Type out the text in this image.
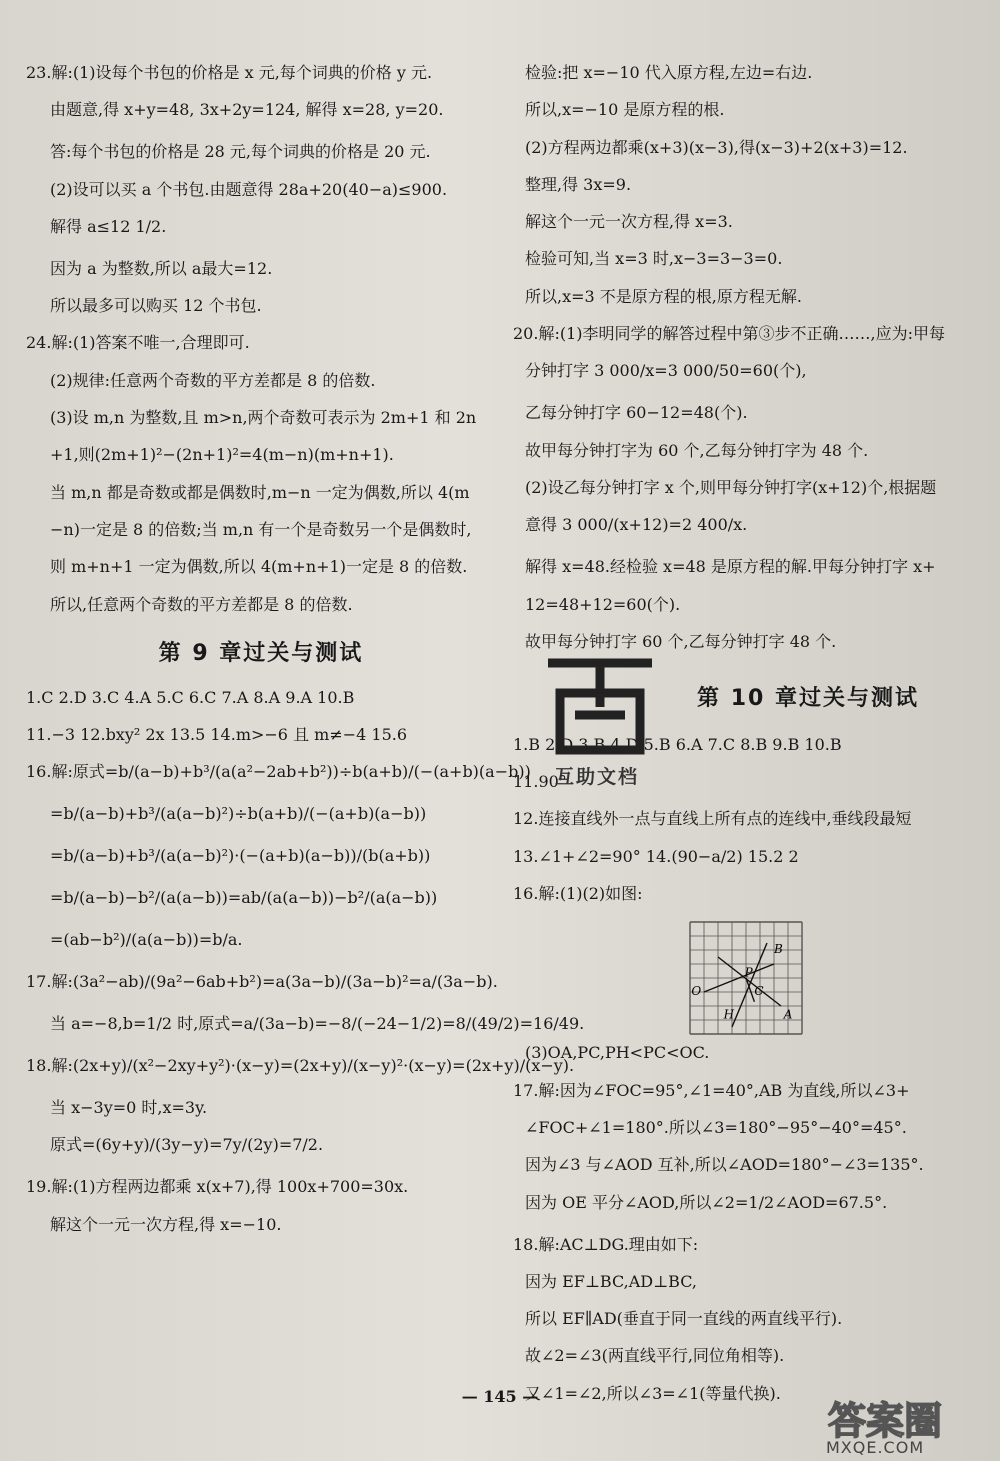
23.解:(1)设每个书包的价格是 x 元,每个词典的价格 y 元.
由题意,得 x+y=48, 3x+2y=124, 解得 x=28, y=20.
答:每个书包的价格是 28 元,每个词典的价格是 20 元.
(2)设可以买 a 个书包.由题意得 28a+20(40−a)≤900.
解得 a≤12 1/2.
因为 a 为整数,所以 a最大=12.
所以最多可以购买 12 个书包.
24.解:(1)答案不唯一,合理即可.
(2)规律:任意两个奇数的平方差都是 8 的倍数.
(3)设 m,n 为整数,且 m>n,两个奇数可表示为 2m+1 和 2n
+1,则(2m+1)²−(2n+1)²=4(m−n)(m+n+1).
当 m,n 都是奇数或都是偶数时,m−n 一定为偶数,所以 4(m
−n)一定是 8 的倍数;当 m,n 有一个是奇数另一个是偶数时,
则 m+n+1 一定为偶数,所以 4(m+n+1)一定是 8 的倍数.
所以,任意两个奇数的平方差都是 8 的倍数.
第 9 章过关与测试
1.C 2.D 3.C 4.A 5.C 6.C 7.A 8.A 9.A 10.B
11.−3 12.bxy² 2x 13.5 14.m>−6 且 m≠−4 15.6
16.解:原式=b/(a−b)+b³/(a(a²−2ab+b²))÷b(a+b)/(−(a+b)(a−b))
=b/(a−b)+b³/(a(a−b)²)÷b(a+b)/(−(a+b)(a−b))
=b/(a−b)+b³/(a(a−b)²)·(−(a+b)(a−b))/(b(a+b))
=b/(a−b)−b²/(a(a−b))=ab/(a(a−b))−b²/(a(a−b))
=(ab−b²)/(a(a−b))=b/a.
17.解:(3a²−ab)/(9a²−6ab+b²)=a(3a−b)/(3a−b)²=a/(3a−b).
当 a=−8,b=1/2 时,原式=a/(3a−b)=−8/(−24−1/2)=8/(49/2)=16/49.
18.解:(2x+y)/(x²−2xy+y²)·(x−y)=(2x+y)/(x−y)²·(x−y)=(2x+y)/(x−y).
当 x−3y=0 时,x=3y.
原式=(6y+y)/(3y−y)=7y/(2y)=7/2.
19.解:(1)方程两边都乘 x(x+7),得 100x+700=30x.
解这个一元一次方程,得 x=−10.
检验:把 x=−10 代入原方程,左边=右边.
所以,x=−10 是原方程的根.
(2)方程两边都乘(x+3)(x−3),得(x−3)+2(x+3)=12.
整理,得 3x=9.
解这个一元一次方程,得 x=3.
检验可知,当 x=3 时,x−3=3−3=0.
所以,x=3 不是原方程的根,原方程无解.
20.解:(1)李明同学的解答过程中第③步不正确……,应为:甲每
分钟打字 3 000/x=3 000/50=60(个),
乙每分钟打字 60−12=48(个).
故甲每分钟打字为 60 个,乙每分钟打字为 48 个.
(2)设乙每分钟打字 x 个,则甲每分钟打字(x+12)个,根据题
意得 3 000/(x+12)=2 400/x.
解得 x=48.经检验 x=48 是原方程的解.甲每分钟打字 x+
12=48+12=60(个).
故甲每分钟打字 60 个,乙每分钟打字 48 个.
第 10 章过关与测试
1.B 2.D 3.B 4.D 5.B 6.A 7.C 8.B 9.B 10.B
11.90°
12.连接直线外一点与直线上所有点的连线中,垂线段最短
13.∠1+∠2=90° 14.(90−a/2) 15.2 2
16.解:(1)(2)如图:
B
P
O	C
H	A
(3)OA,PC,PH<PC<OC.
17.解:因为∠FOC=95°,∠1=40°,AB 为直线,所以∠3+
∠FOC+∠1=180°.所以∠3=180°−95°−40°=45°.
因为∠3 与∠AOD 互补,所以∠AOD=180°−∠3=135°.
因为 OE 平分∠AOD,所以∠2=1/2∠AOD=67.5°.
18.解:AC⊥DG.理由如下:
因为 EF⊥BC,AD⊥BC,
所以 EF∥AD(垂直于同一直线的两直线平行).
故∠2=∠3(两直线平行,同位角相等).
又∠1=∠2,所以∠3=∠1(等量代换).
互助文档
— 145 —
答案圈
MXQE.COM
